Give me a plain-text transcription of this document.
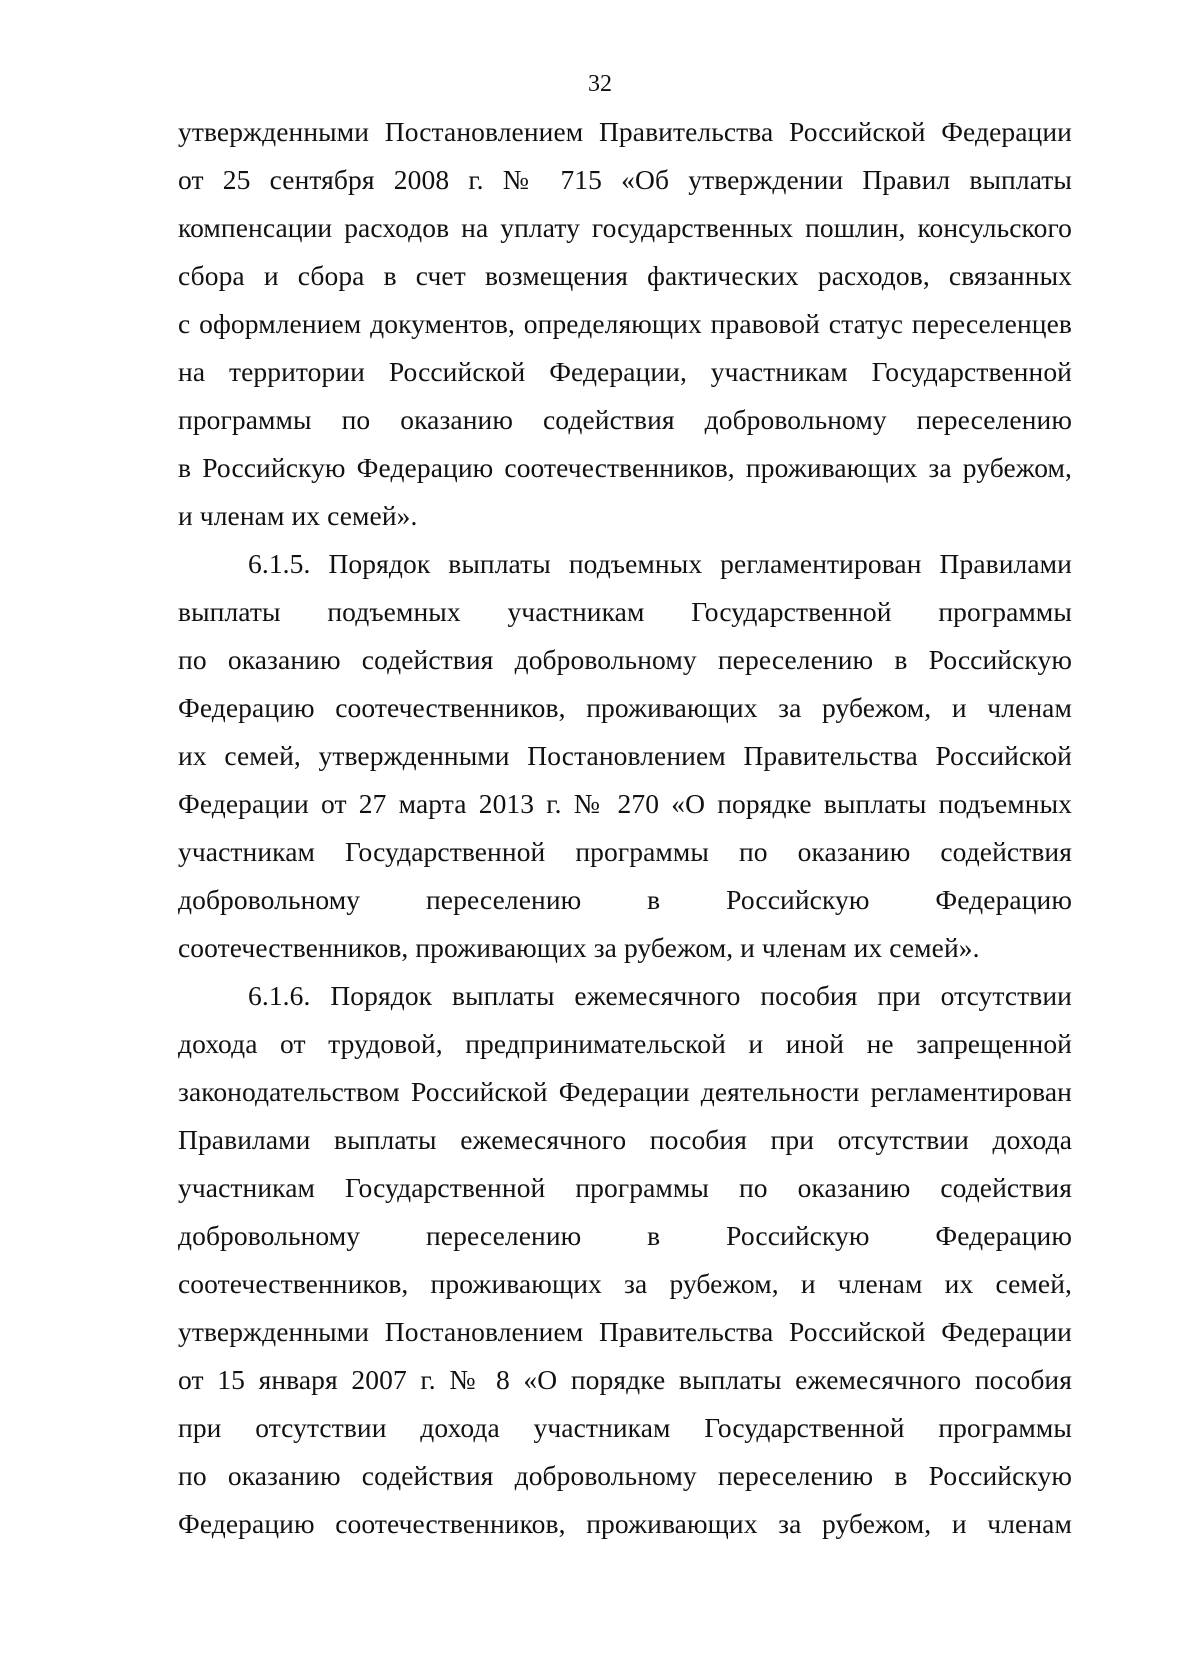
32
утвержденными Постановлением Правительства Российской Федерации
от 25 сентября 2008 г. № 715 «Об утверждении Правил выплаты
компенсации расходов на уплату государственных пошлин, консульского
сбора и сбора в счет возмещения фактических расходов, связанных
с оформлением документов, определяющих правовой статус переселенцев
на территории Российской Федерации, участникам Государственной
программы по оказанию содействия добровольному переселению
в Российскую Федерацию соотечественников, проживающих за рубежом,
и членам их семей».
6.1.5. Порядок выплаты подъемных регламентирован Правилами
выплаты подъемных участникам Государственной программы
по оказанию содействия добровольному переселению в Российскую
Федерацию соотечественников, проживающих за рубежом, и членам
их семей, утвержденными Постановлением Правительства Российской
Федерации от 27 марта 2013 г. № 270 «О порядке выплаты подъемных
участникам Государственной программы по оказанию содействия
добровольному переселению в Российскую Федерацию
соотечественников, проживающих за рубежом, и членам их семей».
6.1.6. Порядок выплаты ежемесячного пособия при отсутствии
дохода от трудовой, предпринимательской и иной не запрещенной
законодательством Российской Федерации деятельности регламентирован
Правилами выплаты ежемесячного пособия при отсутствии дохода
участникам Государственной программы по оказанию содействия
добровольному переселению в Российскую Федерацию
соотечественников, проживающих за рубежом, и членам их семей,
утвержденными Постановлением Правительства Российской Федерации
от 15 января 2007 г. № 8 «О порядке выплаты ежемесячного пособия
при отсутствии дохода участникам Государственной программы
по оказанию содействия добровольному переселению в Российскую
Федерацию соотечественников, проживающих за рубежом, и членам
